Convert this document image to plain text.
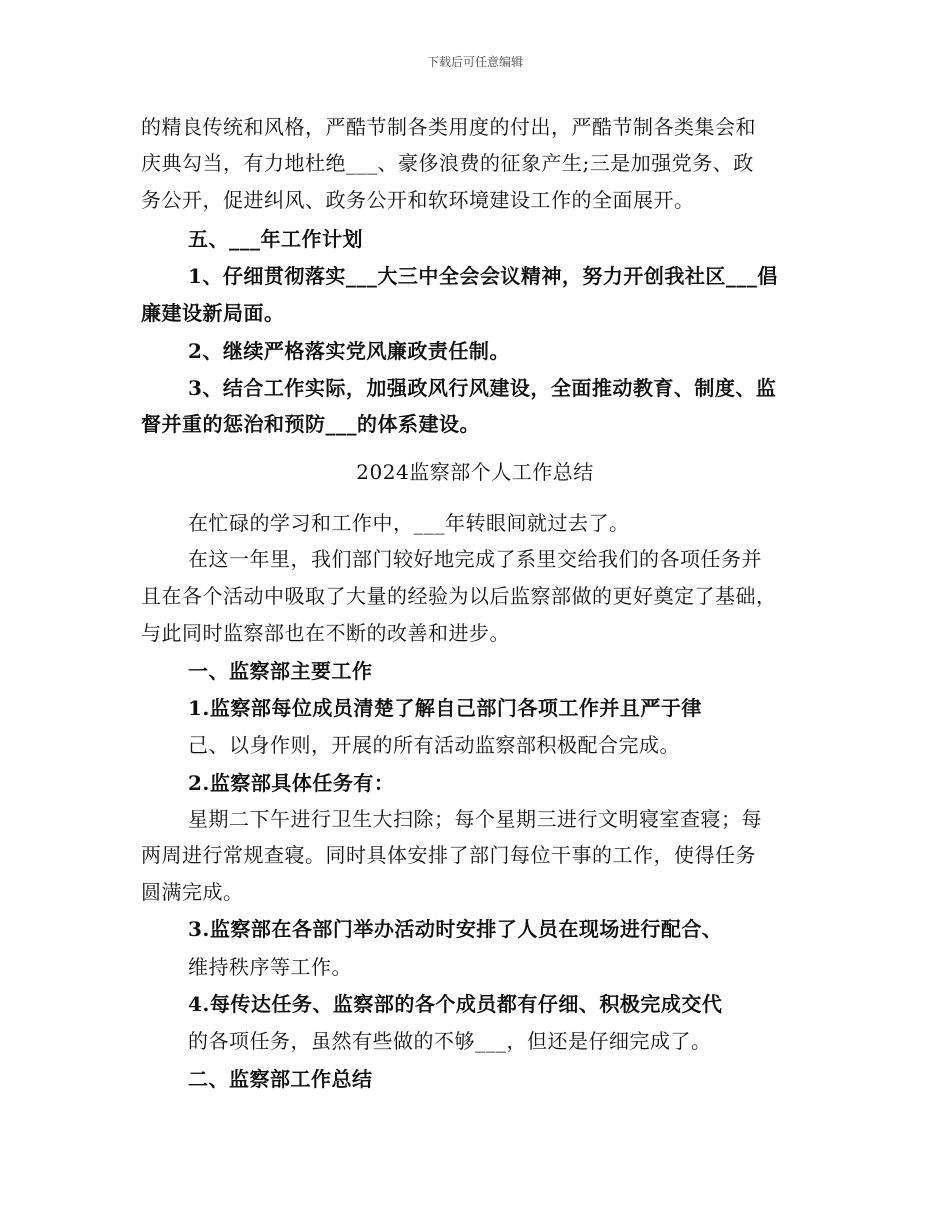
下载后可任意编辑
的精良传统和风格，严酷节制各类用度的付出，严酷节制各类集会和
庆典勾当，有力地杜绝___、豪侈浪费的征象产生;三是加强党务、政
务公开，促进纠风、政务公开和软环境建设工作的全面展开。
五、___年工作计划
1、仔细贯彻落实___大三中全会会议精神，努力开创我社区___倡
廉建设新局面。
2、继续严格落实党风廉政责任制。
3、结合工作实际，加强政风行风建设，全面推动教育、制度、监
督并重的惩治和预防___的体系建设。
2024监察部个人工作总结
在忙碌的学习和工作中，___年转眼间就过去了。
在这一年里，我们部门较好地完成了系里交给我们的各项任务并
且在各个活动中吸取了大量的经验为以后监察部做的更好奠定了基础，
与此同时监察部也在不断的改善和进步。
一、监察部主要工作
1.监察部每位成员清楚了解自己部门各项工作并且严于律
己、以身作则，开展的所有活动监察部积极配合完成。
2.监察部具体任务有：
星期二下午进行卫生大扫除；每个星期三进行文明寝室查寝；每
两周进行常规查寝。同时具体安排了部门每位干事的工作，使得任务
圆满完成。
3.监察部在各部门举办活动时安排了人员在现场进行配合、
维持秩序等工作。
4.每传达任务、监察部的各个成员都有仔细、积极完成交代
的各项任务，虽然有些做的不够___，但还是仔细完成了。
二、监察部工作总结
